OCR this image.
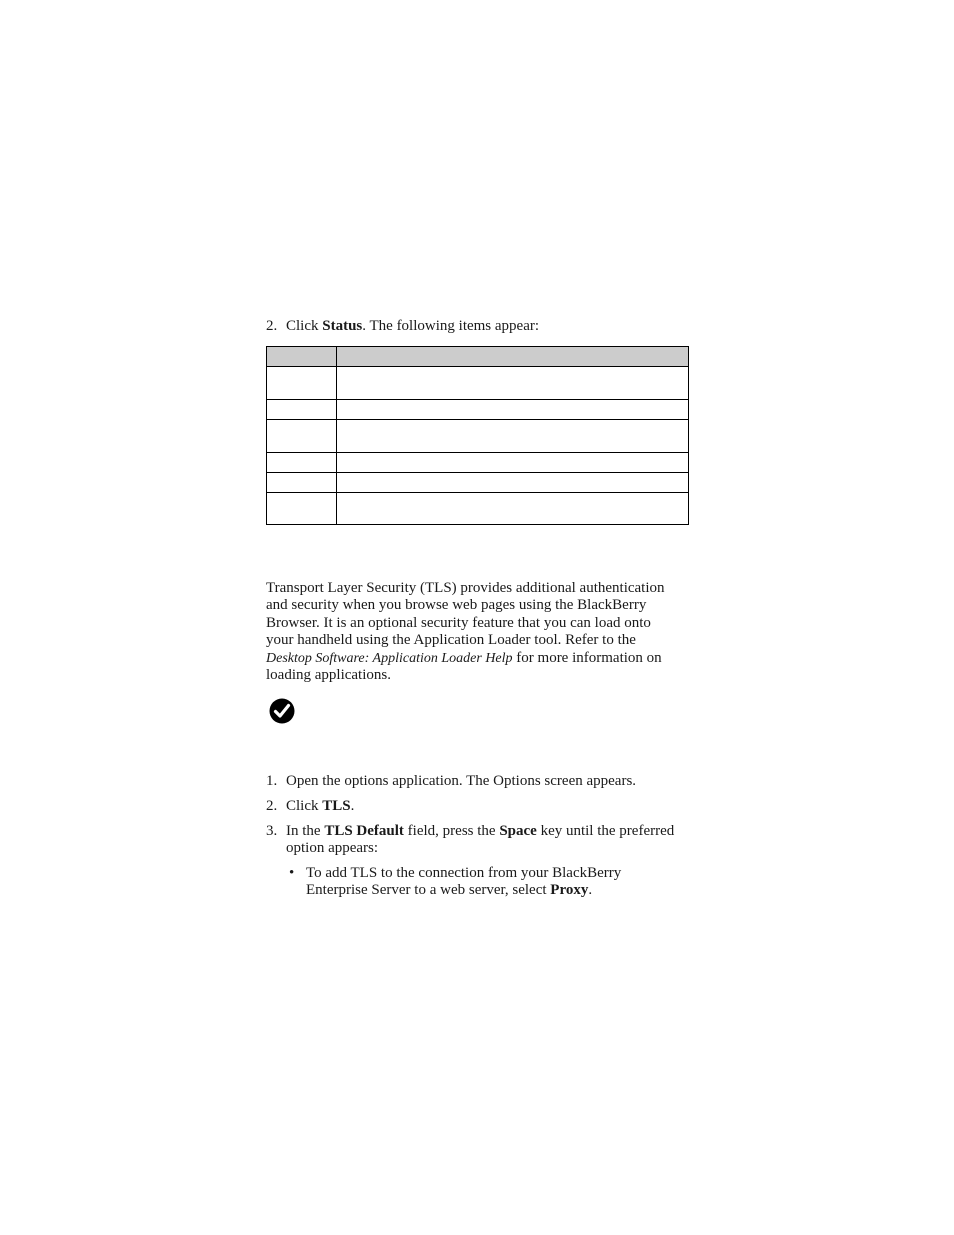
2. Click Status. The following items appear:

Transport Layer Security (TLS) provides additional authentication
and security when you browse web pages using the BlackBerry
Browser. It is an optional security feature that you can load onto
your handheld using the Application Loader tool. Refer to the
Desktop Software: Application Loader Help for more information on
loading applications.
1. Open the options application. The Options screen appears.
2. Click TLS.
3. In the TLS Default field, press the Space key until the preferred
option appears:
• To add TLS to the connection from your BlackBerry
Enterprise Server to a web server, select Proxy.
